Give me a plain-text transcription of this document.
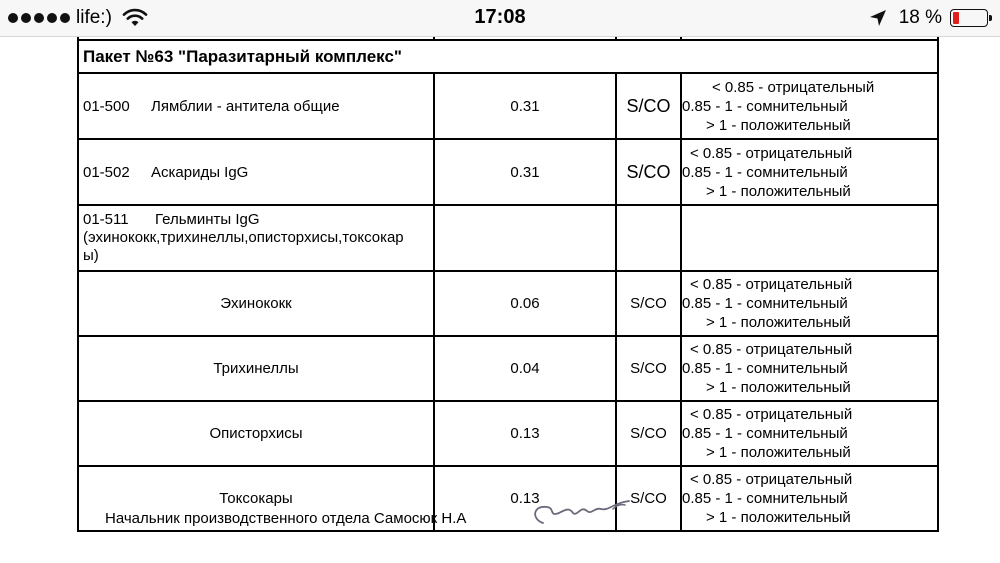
life:)	17:08	18 %

Пакет №63 "Паразитарный комплекс"			
01-500 Лямблии - антитела общие	0.31	S/CO	< 0.85 - отрицательный
0.85 - 1 - сомнительный
> 1 - положительный

01-502 Аскариды IgG	0.31	S/CO	< 0.85 - отрицательный
0.85 - 1 - сомнительный
> 1 - положительный

01-511 Гельминты IgG
(эхинококк,трихинеллы,описторхисы,токсокар
ы)			

Эхинококк	0.06	S/CO	< 0.85 - отрицательный
0.85 - 1 - сомнительный
> 1 - положительный

Трихинеллы	0.04	S/CO	< 0.85 - отрицательный
0.85 - 1 - сомнительный
> 1 - положительный

Описторхисы	0.13	S/CO	< 0.85 - отрицательный
0.85 - 1 - сомнительный
> 1 - положительный

Токсокары	0.13	S/CO	< 0.85 - отрицательный
0.85 - 1 - сомнительный
> 1 - положительный
Начальник производственного отдела Самосюк Н.А
